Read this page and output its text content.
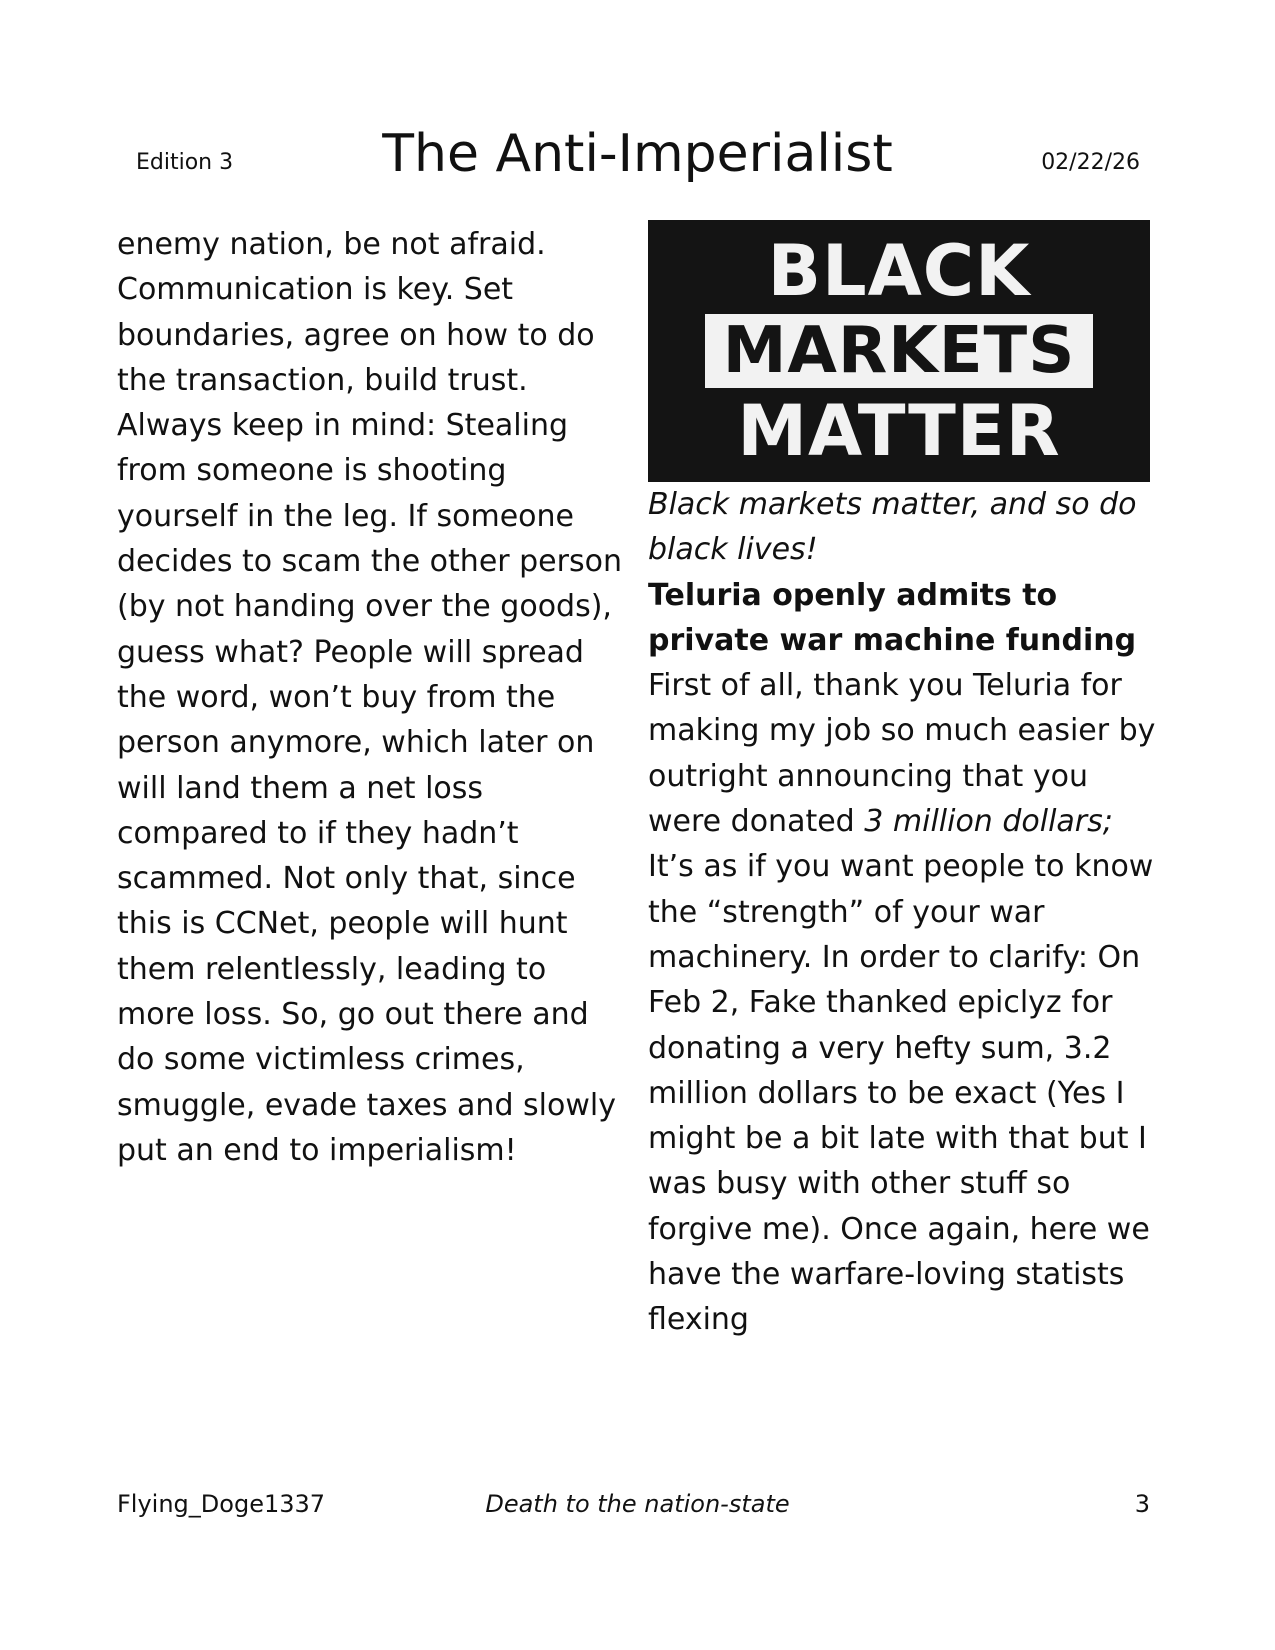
Edition 3	The Anti-Imperialist	02/22/26

enemy nation, be not afraid. Communication is key. Set boundaries, agree on how to do the transaction, build trust. Always keep in mind: Stealing from someone is shooting yourself in the leg. If someone decides to scam the other person (by not handing over the goods), guess what? People will spread the word, won’t buy from the person anymore, which later on will land them a net loss compared to if they hadn’t scammed. Not only that, since this is CCNet, people will hunt them relentlessly, leading to more loss. So, go out there and do some victimless crimes, smuggle, evade taxes and slowly put an end to imperialism!

BLACK
MARKETS
MATTER

Black markets matter, and so do black lives!

Teluria openly admits to private war machine funding

First of all, thank you Teluria for making my job so much easier by outright announcing that you were donated 3 million dollars; It’s as if you want people to know the “strength” of your war machinery. In order to clarify: On Feb 2, Fake thanked epiclyz for donating a very hefty sum, 3.2 million dollars to be exact (Yes I might be a bit late with that but I was busy with other stuff so forgive me). Once again, here we have the warfare-loving statists flexing

Flying_Doge1337	Death to the nation-state	3
